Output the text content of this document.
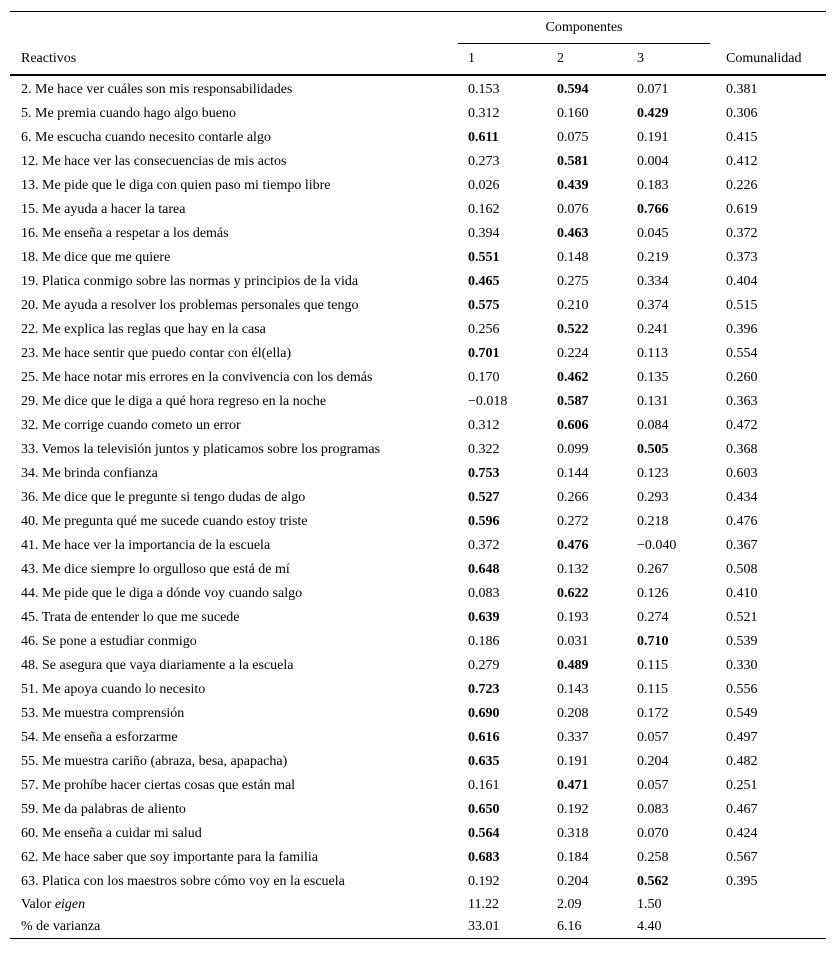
	Componentes			

Reactivos	1	2	3	Comunalidad
2. Me hace ver cuáles son mis responsabilidades	0.153	0.594	0.071	0.381
5. Me premia cuando hago algo bueno	0.312	0.160	0.429	0.306
6. Me escucha cuando necesito contarle algo	0.611	0.075	0.191	0.415
12. Me hace ver las consecuencias de mis actos	0.273	0.581	0.004	0.412
13. Me pide que le diga con quien paso mi tiempo libre	0.026	0.439	0.183	0.226
15. Me ayuda a hacer la tarea	0.162	0.076	0.766	0.619
16. Me enseña a respetar a los demás	0.394	0.463	0.045	0.372
18. Me dice que me quiere	0.551	0.148	0.219	0.373
19. Platica conmigo sobre las normas y principios de la vida	0.465	0.275	0.334	0.404
20. Me ayuda a resolver los problemas personales que tengo	0.575	0.210	0.374	0.515
22. Me explica las reglas que hay en la casa	0.256	0.522	0.241	0.396
23. Me hace sentir que puedo contar con él(ella)	0.701	0.224	0.113	0.554
25. Me hace notar mis errores en la convivencia con los demás	0.170	0.462	0.135	0.260
29. Me dice que le diga a qué hora regreso en la noche	−0.018	0.587	0.131	0.363
32. Me corrige cuando cometo un error	0.312	0.606	0.084	0.472
33. Vemos la televisión juntos y platicamos sobre los programas	0.322	0.099	0.505	0.368
34. Me brinda confianza	0.753	0.144	0.123	0.603
36. Me dice que le pregunte si tengo dudas de algo	0.527	0.266	0.293	0.434
40. Me pregunta qué me sucede cuando estoy triste	0.596	0.272	0.218	0.476
41. Me hace ver la importancia de la escuela	0.372	0.476	−0.040	0.367
43. Me dice siempre lo orgulloso que está de mí	0.648	0.132	0.267	0.508
44. Me pide que le diga a dónde voy cuando salgo	0.083	0.622	0.126	0.410
45. Trata de entender lo que me sucede	0.639	0.193	0.274	0.521
46. Se pone a estudiar conmigo	0.186	0.031	0.710	0.539
48. Se asegura que vaya diariamente a la escuela	0.279	0.489	0.115	0.330
51. Me apoya cuando lo necesito	0.723	0.143	0.115	0.556
53. Me muestra comprensión	0.690	0.208	0.172	0.549
54. Me enseña a esforzarme	0.616	0.337	0.057	0.497
55. Me muestra cariño (abraza, besa, apapacha)	0.635	0.191	0.204	0.482
57. Me prohíbe hacer ciertas cosas que están mal	0.161	0.471	0.057	0.251
59. Me da palabras de aliento	0.650	0.192	0.083	0.467
60. Me enseña a cuidar mi salud	0.564	0.318	0.070	0.424
62. Me hace saber que soy importante para la familia	0.683	0.184	0.258	0.567
63. Platica con los maestros sobre cómo voy en la escuela	0.192	0.204	0.562	0.395
Valor eigen	11.22	2.09	1.50	
% de varianza	33.01	6.16	4.40	
